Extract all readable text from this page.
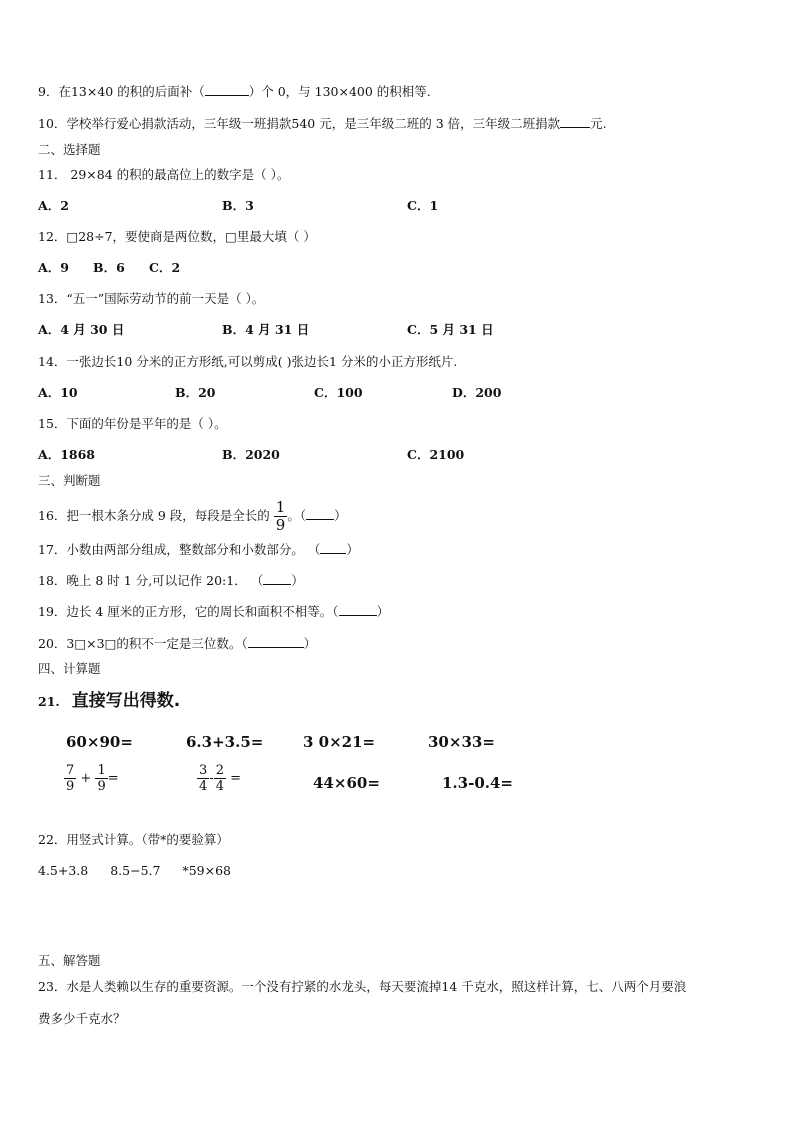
9．在13×40 的积的后面补（	）个 0，与 130×400 的积相等.
10．学校举行爱心捐款活动，三年级一班捐款540 元，是三年级二班的 3 倍，三年级二班捐款 元.
二、选择题
11． 29×84 的积的最高位上的数字是（ ）。
A．2	B．3	C．1
12．□28÷7，要使商是两位数，□里最大填（ ）
A．9 B．6 C．2
13．“五一”国际劳动节的前一天是（ ）。
A．4 月 30 日	B．4 月 31 日	C．5 月 31 日
14．一张边长10 分米的正方形纸,可以剪成( )张边长1 分米的小正方形纸片.
A．10	B．20	C．100	D．200
15．下面的年份是平年的是（ ）。
A．1868	B．2020	C．2100
三、判断题
16．把一根木条分成 9 段，每段是全长的 $\frac{1}{9}$ 。（ ）
17．小数由两部分组成，整数部分和小数部分。 （ ）
18．晚上 8 时 1 分,可以记作 20:1． （ ）
19．边长 4 厘米的正方形，它的周长和面积不相等。（	）
20．3□×3□的积不一定是三位数。（	）
四、计算题
21. 直接写出得数.
60×90=	6.3+3.5=	3 0×21=	30×33=
$\frac{7}{9} + \frac{1}{9}$ =	$\frac{3}{4} - \frac{2}{4}$ =	44×60=	1.3-0.4=
22．用竖式计算。（带*的要验算）
4.5+3.8 8.5−5.7 *59×68
五、解答题
23．水是人类赖以生存的重要资源。一个没有拧紧的水龙头，每天要流掉14 千克水，照这样计算，七、八两个月要浪
费多少千克水？
